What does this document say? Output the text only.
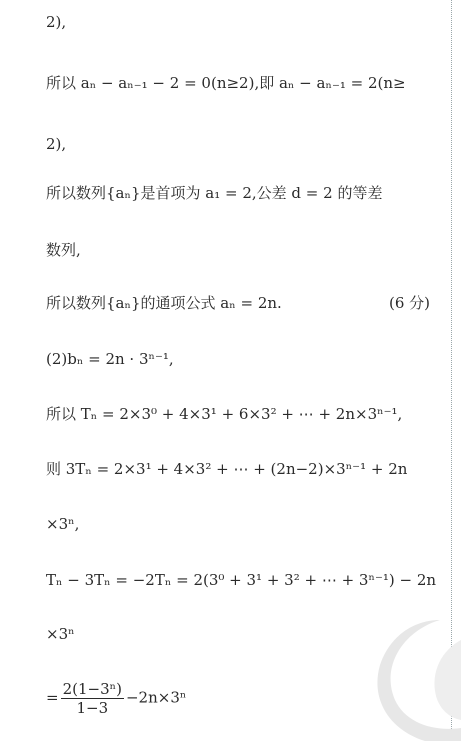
2),
所以 aₙ − aₙ₋₁ − 2 = 0(n≥2),即 aₙ − aₙ₋₁ = 2(n≥
2),
所以数列{aₙ}是首项为 a₁ = 2,公差 d = 2 的等差
数列,
所以数列{aₙ}的通项公式 aₙ = 2n.	(6 分)
(2)bₙ = 2n · 3ⁿ⁻¹,
所以 Tₙ = 2×3⁰ + 4×3¹ + 6×3² + ⋯ + 2n×3ⁿ⁻¹,
则 3Tₙ = 2×3¹ + 4×3² + ⋯ + (2n−2)×3ⁿ⁻¹ + 2n
×3ⁿ,
Tₙ − 3Tₙ = −2Tₙ = 2(3⁰ + 3¹ + 3² + ⋯ + 3ⁿ⁻¹) − 2n
×3ⁿ
= $\frac{\text{2(1−3ⁿ)}}{1-3} -2n\times 3^n$
